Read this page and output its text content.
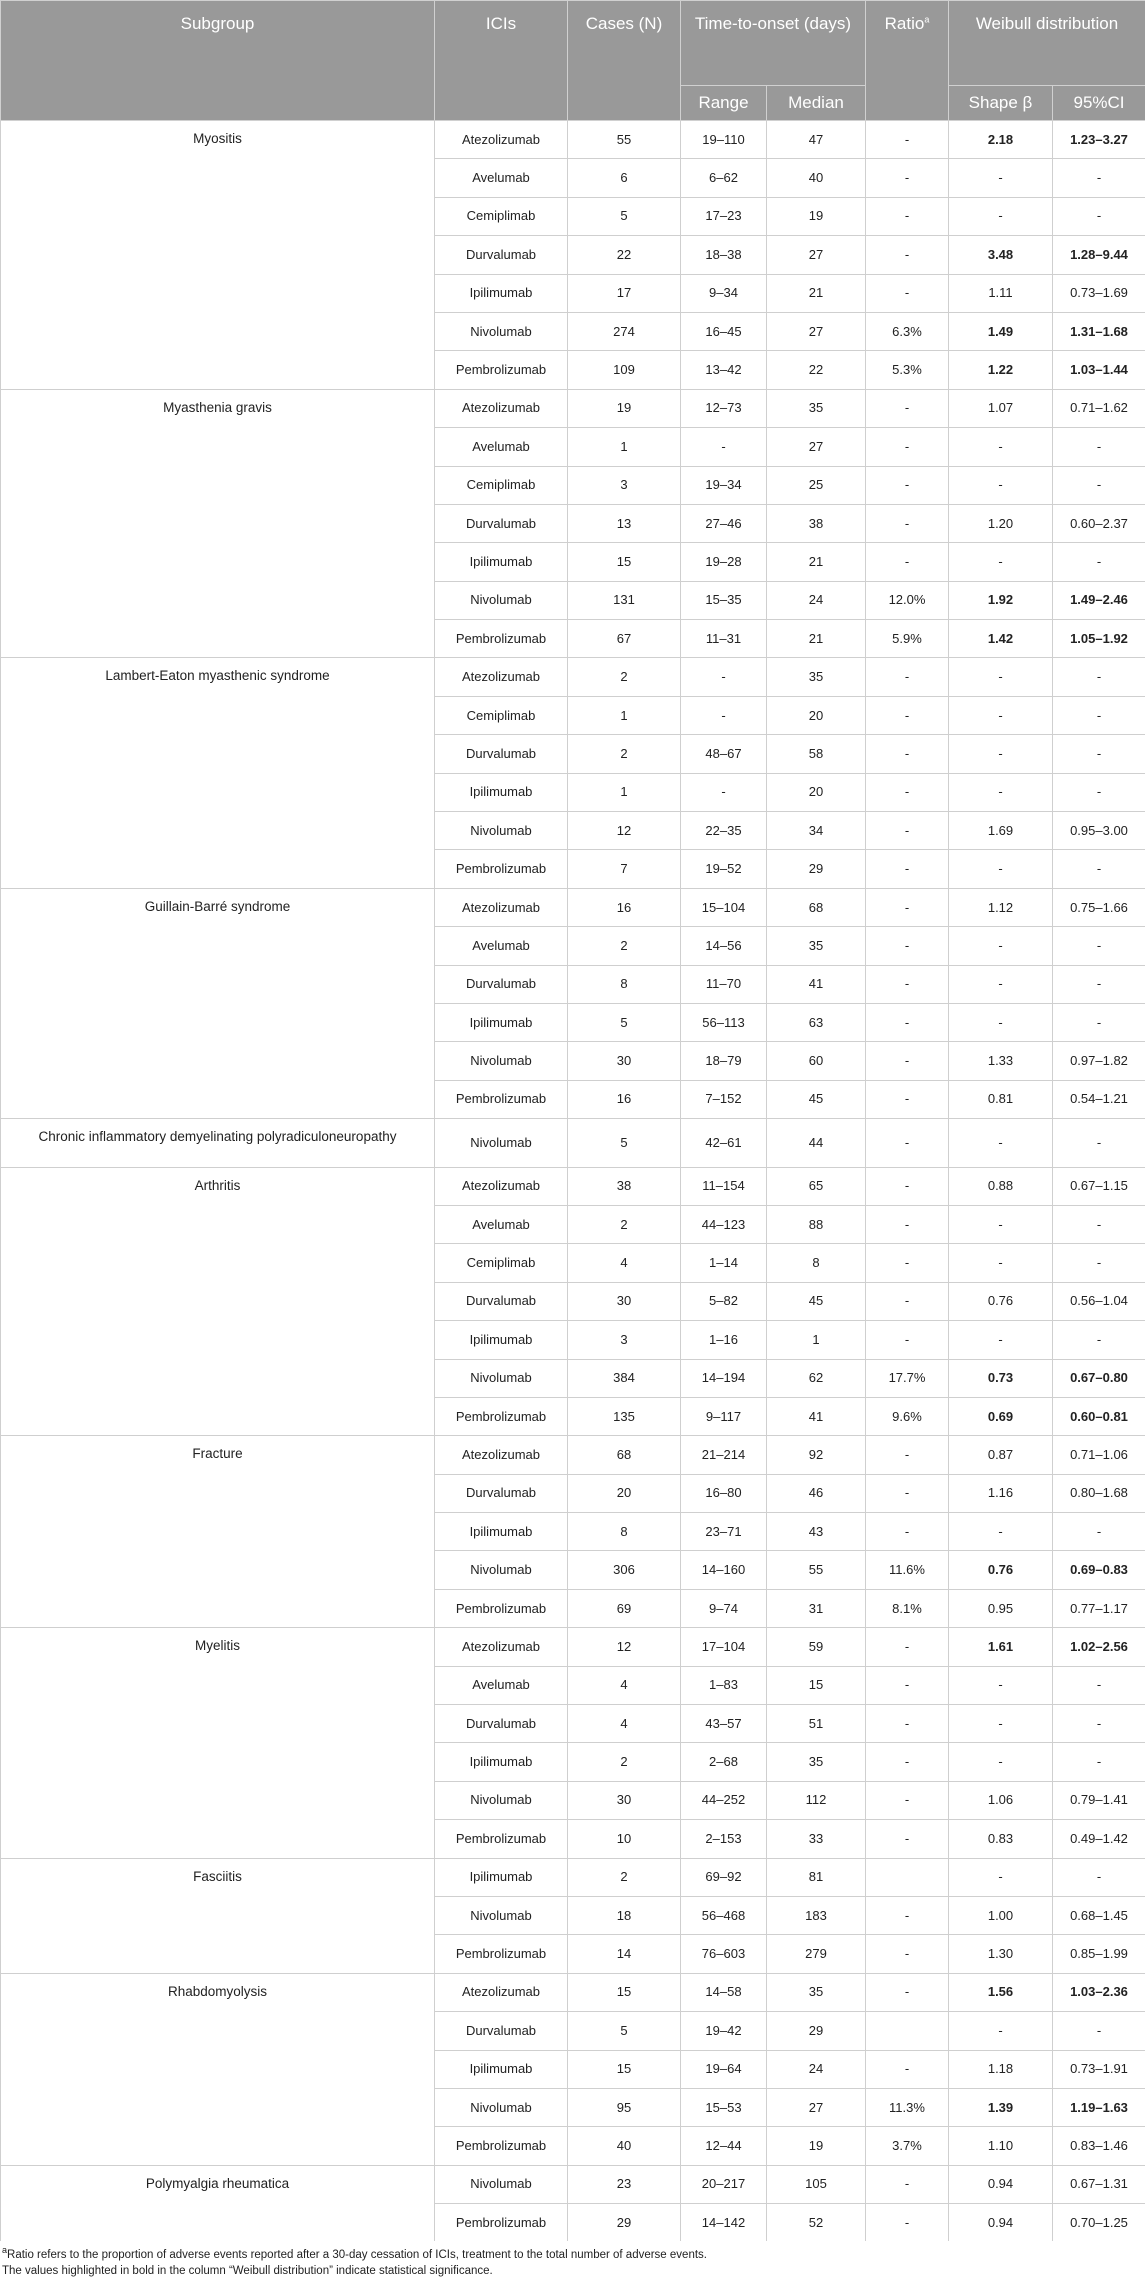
Subgroup	ICIs	Cases (N)	Time-to-onset (days)		Ratio$^a$	Weibull distribution	
			Range	Median		Shape β	95%CI
Myositis	Atezolizumab	55	19–110	47	-	2.18	1.23–3.27
	Avelumab	6	6–62	40	-	-	-
	Cemiplimab	5	17–23	19	-	-	-
	Durvalumab	22	18–38	27	-	3.48	1.28–9.44
	Ipilimumab	17	9–34	21	-	1.11	0.73–1.69
	Nivolumab	274	16–45	27	6.3%	1.49	1.31–1.68
	Pembrolizumab	109	13–42	22	5.3%	1.22	1.03–1.44
Myasthenia gravis	Atezolizumab	19	12–73	35	-	1.07	0.71–1.62
	Avelumab	1	-	27	-	-	-
	Cemiplimab	3	19–34	25	-	-	-
	Durvalumab	13	27–46	38	-	1.20	0.60–2.37
	Ipilimumab	15	19–28	21	-	-	-
	Nivolumab	131	15–35	24	12.0%	1.92	1.49–2.46
	Pembrolizumab	67	11–31	21	5.9%	1.42	1.05–1.92
Lambert-Eaton myasthenic syndrome	Atezolizumab	2	-	35	-	-	-
	Cemiplimab	1	-	20	-	-	-
	Durvalumab	2	48–67	58	-	-	-
	Ipilimumab	1	-	20	-	-	-
	Nivolumab	12	22–35	34	-	1.69	0.95–3.00
	Pembrolizumab	7	19–52	29	-	-	-
Guillain-Barré syndrome	Atezolizumab	16	15–104	68	-	1.12	0.75–1.66
	Avelumab	2	14–56	35	-	-	-
	Durvalumab	8	11–70	41	-	-	-
	Ipilimumab	5	56–113	63	-	-	-
	Nivolumab	30	18–79	60	-	1.33	0.97–1.82
	Pembrolizumab	16	7–152	45	-	0.81	0.54–1.21
Chronic inflammatory demyelinating polyradiculoneuropathy	Nivolumab	5	42–61	44	-	-	-
Arthritis	Atezolizumab	38	11–154	65	-	0.88	0.67–1.15
	Avelumab	2	44–123	88	-	-	-
	Cemiplimab	4	1–14	8	-	-	-
	Durvalumab	30	5–82	45	-	0.76	0.56–1.04
	Ipilimumab	3	1–16	1	-	-	-
	Nivolumab	384	14–194	62	17.7%	0.73	0.67–0.80
	Pembrolizumab	135	9–117	41	9.6%	0.69	0.60–0.81
Fracture	Atezolizumab	68	21–214	92	-	0.87	0.71–1.06
	Durvalumab	20	16–80	46	-	1.16	0.80–1.68
	Ipilimumab	8	23–71	43	-	-	-
	Nivolumab	306	14–160	55	11.6%	0.76	0.69–0.83
	Pembrolizumab	69	9–74	31	8.1%	0.95	0.77–1.17
Myelitis	Atezolizumab	12	17–104	59	-	1.61	1.02–2.56
	Avelumab	4	1–83	15	-	-	-
	Durvalumab	4	43–57	51	-	-	-
	Ipilimumab	2	2–68	35	-	-	-
	Nivolumab	30	44–252	112	-	1.06	0.79–1.41
	Pembrolizumab	10	2–153	33	-	0.83	0.49–1.42
Fasciitis	Ipilimumab	2	69–92	81		-	-
	Nivolumab	18	56–468	183	-	1.00	0.68–1.45
	Pembrolizumab	14	76–603	279	-	1.30	0.85–1.99
Rhabdomyolysis	Atezolizumab	15	14–58	35	-	1.56	1.03–2.36
	Durvalumab	5	19–42	29		-	-
	Ipilimumab	15	19–64	24	-	1.18	0.73–1.91
	Nivolumab	95	15–53	27	11.3%	1.39	1.19–1.63
	Pembrolizumab	40	12–44	19	3.7%	1.10	0.83–1.46
Polymyalgia rheumatica	Nivolumab	23	20–217	105	-	0.94	0.67–1.31
	Pembrolizumab	29	14–142	52	-	0.94	0.70–1.25
$^a$Ratio refers to the proportion of adverse events reported after a 30-day cessation of ICIs, treatment to the total number of adverse events.
The values highlighted in bold in the column “Weibull distribution” indicate statistical significance.
